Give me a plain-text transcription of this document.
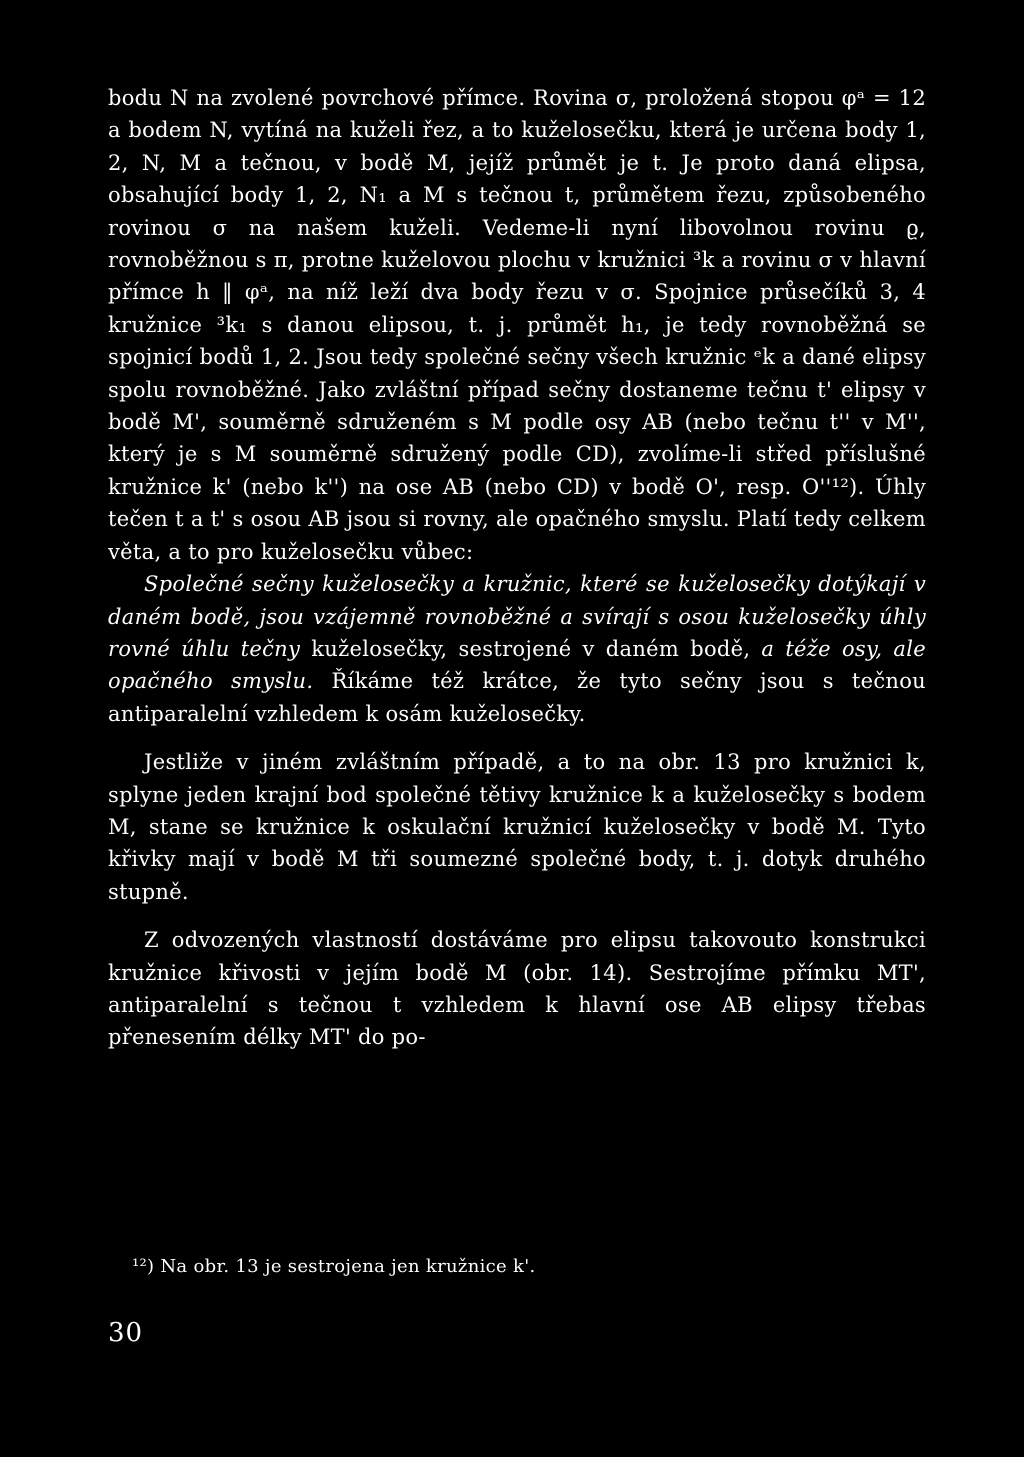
bodu N na zvolené povrchové přímce. Rovina σ, proložená stopou φᵃ = 12 a bodem N, vytíná na kuželi řez, a to kuželosečku, která je určena body 1, 2, N, M a tečnou, v bodě M, jejíž průmět je t. Je proto daná elipsa, obsahující body 1, 2, N₁ a M s tečnou t, průmětem řezu, způsobeného rovinou σ na našem kuželi. Vedeme-li nyní libovolnou rovinu ϱ, rovnoběžnou s π, protne kuželovou plochu v kružnici ³k a rovinu σ v hlavní přímce h ‖ φᵃ, na níž leží dva body řezu v σ. Spojnice průsečíků 3, 4 kružnice ³k₁ s danou elipsou, t. j. průmět h₁, je tedy rovnoběžná se spojnicí bodů 1, 2. Jsou tedy společné sečny všech kružnic ᵉk a dané elipsy spolu rovnoběžné. Jako zvláštní případ sečny dostaneme tečnu t' elipsy v bodě M', souměrně sdruženém s M podle osy AB (nebo tečnu t'' v M'', který je s M souměrně sdružený podle CD), zvolíme-li střed příslušné kružnice k' (nebo k'') na ose AB (nebo CD) v bodě O', resp. O''¹²). Úhly tečen t a t' s osou AB jsou si rovny, ale opačného smyslu. Platí tedy celkem věta, a to pro kuželosečku vůbec:

Společné sečny kuželosečky a kružnic, které se kuželosečky dotýkají v daném bodě, jsou vzájemně rovnoběžné a svírají s osou kuželosečky úhly rovné úhlu tečny kuželosečky, sestrojené v daném bodě, a téže osy, ale opačného smyslu. Říkáme též krátce, že tyto sečny jsou s tečnou antiparalelní vzhledem k osám kuželosečky.

Jestliže v jiném zvláštním případě, a to na obr. 13 pro kružnici k, splyne jeden krajní bod společné tětivy kružnice k a kuželosečky s bodem M, stane se kružnice k oskulační kružnicí kuželosečky v bodě M. Tyto křivky mají v bodě M tři soumezné společné body, t. j. dotyk druhého stupně.

Z odvozených vlastností dostáváme pro elipsu takovouto konstrukci kružnice křivosti v jejím bodě M (obr. 14). Sestrojíme přímku MT', antiparalelní s tečnou t vzhledem k hlavní ose AB elipsy třebas přenesením délky MT' do po-

¹²) Na obr. 13 je sestrojena jen kružnice k'.
30
